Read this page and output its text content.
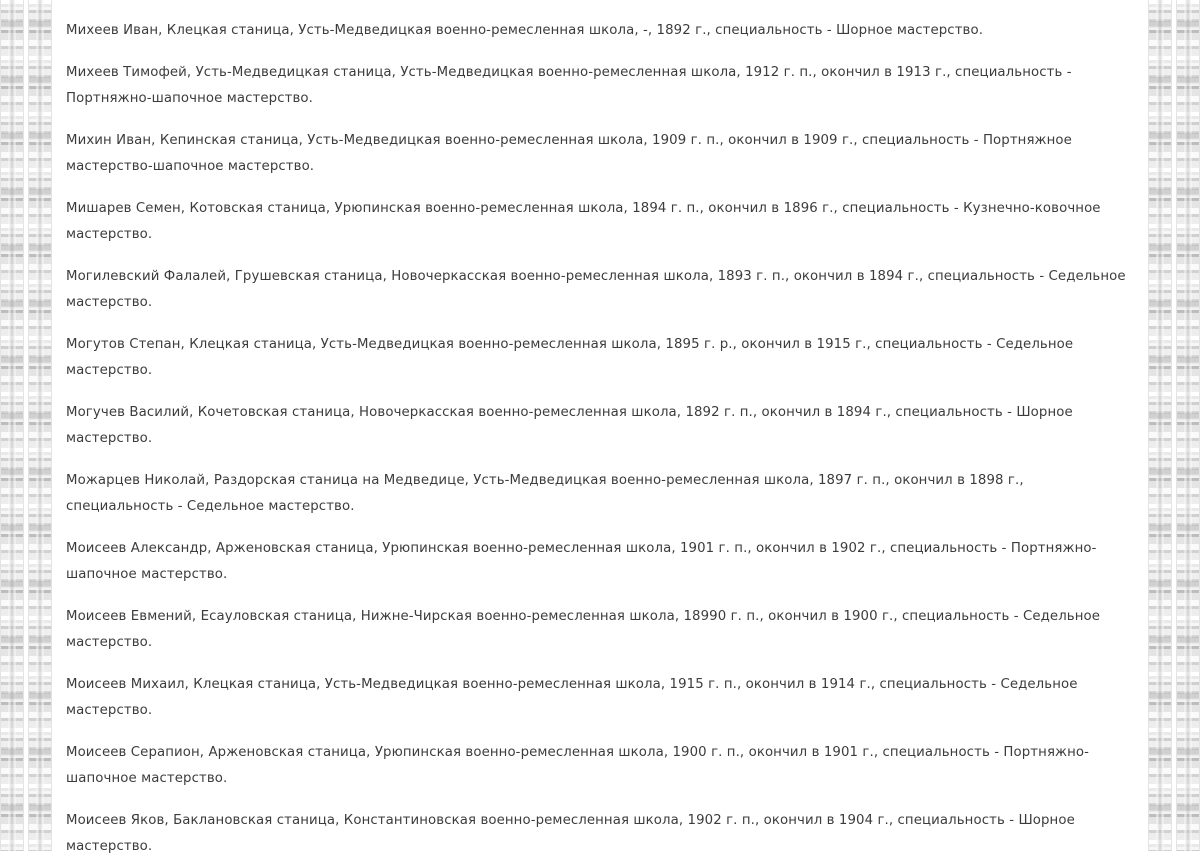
Михеев Иван, Клецкая станица, Усть-Медведицкая военно-ремесленная школа, -, 1892 г., специальность - Шорное мастерство.

Михеев Тимофей, Усть-Медведицкая станица, Усть-Медведицкая военно-ремесленная школа, 1912 г. п., окончил в 1913 г., специальность - Портняжно-шапочное мастерство.

Михин Иван, Кепинская станица, Усть-Медведицкая военно-ремесленная школа, 1909 г. п., окончил в 1909 г., специальность - Портняжное мастерство-шапочное мастерство.

Мишарев Семен, Котовская станица, Урюпинская военно-ремесленная школа, 1894 г. п., окончил в 1896 г., специальность - Кузнечно-ковочное мастерство.

Могилевский Фалалей, Грушевская станица, Новочеркасская военно-ремесленная школа, 1893 г. п., окончил в 1894 г., специальность - Седельное мастерство.

Могутов Степан, Клецкая станица, Усть-Медведицкая военно-ремесленная школа, 1895 г. р., окончил в 1915 г., специальность - Седельное мастерство.

Могучев Василий, Кочетовская станица, Новочеркасская военно-ремесленная школа, 1892 г. п., окончил в 1894 г., специальность - Шорное мастерство.

Можарцев Николай, Раздорская станица на Медведице, Усть-Медведицкая военно-ремесленная школа, 1897 г. п., окончил в 1898 г., специальность - Седельное мастерство.

Моисеев Александр, Арженовская станица, Урюпинская военно-ремесленная школа, 1901 г. п., окончил в 1902 г., специальность - Портняжно-шапочное мастерство.

Моисеев Евмений, Есауловская станица, Нижне-Чирская военно-ремесленная школа, 18990 г. п., окончил в 1900 г., специальность - Седельное мастерство.

Моисеев Михаил, Клецкая станица, Усть-Медведицкая военно-ремесленная школа, 1915 г. п., окончил в 1914 г., специальность - Седельное мастерство.

Моисеев Серапион, Арженовская станица, Урюпинская военно-ремесленная школа, 1900 г. п., окончил в 1901 г., специальность - Портняжно-шапочное мастерство.

Моисеев Яков, Баклановская станица, Константиновская военно-ремесленная школа, 1902 г. п., окончил в 1904 г., специальность - Шорное мастерство.
